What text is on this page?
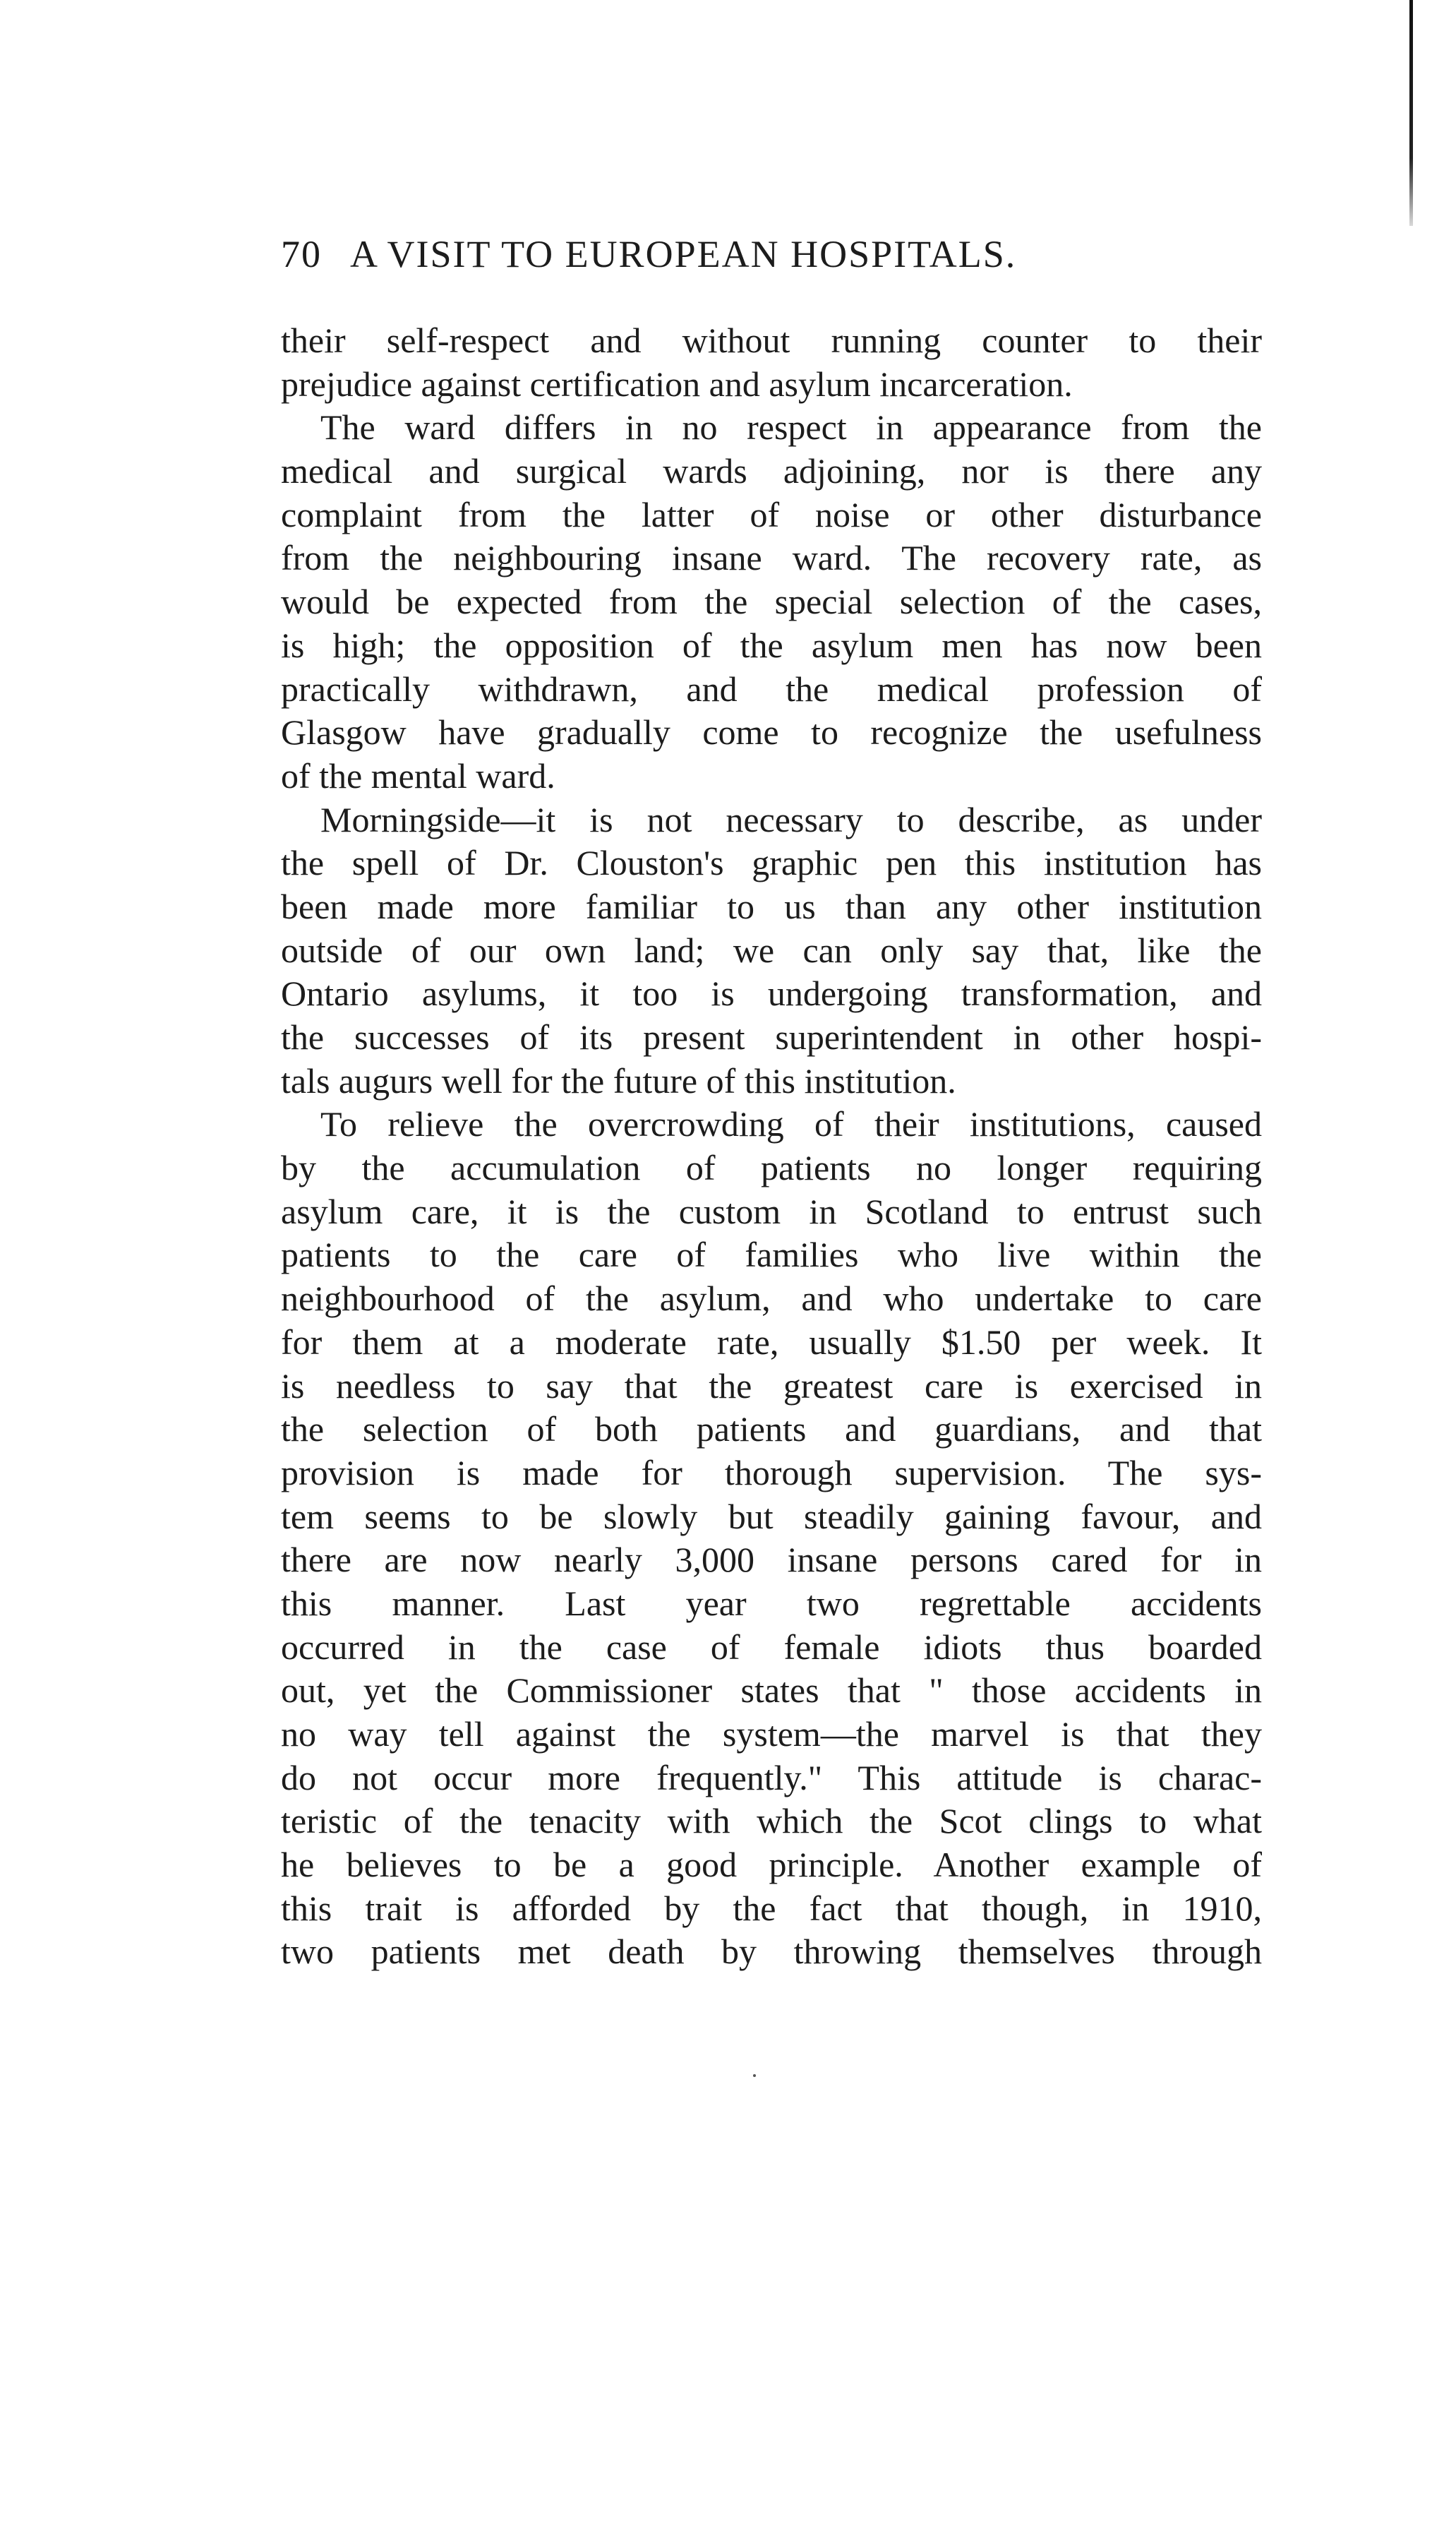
70 A VISIT TO EUROPEAN HOSPITALS.
their self-respect and without running counter to their
prejudice against certification and asylum incarceration.
The ward differs in no respect in appearance from the
medical and surgical wards adjoining, nor is there any
complaint from the latter of noise or other disturbance
from the neighbouring insane ward. The recovery rate, as
would be expected from the special selection of the cases,
is high; the opposition of the asylum men has now been
practically withdrawn, and the medical profession of
Glasgow have gradually come to recognize the usefulness
of the mental ward.
Morningside—it is not necessary to describe, as under
the spell of Dr. Clouston's graphic pen this institution has
been made more familiar to us than any other institution
outside of our own land; we can only say that, like the
Ontario asylums, it too is undergoing transformation, and
the successes of its present superintendent in other hospi-
tals augurs well for the future of this institution.
To relieve the overcrowding of their institutions, caused
by the accumulation of patients no longer requiring
asylum care, it is the custom in Scotland to entrust such
patients to the care of families who live within the
neighbourhood of the asylum, and who undertake to care
for them at a moderate rate, usually $1.50 per week. It
is needless to say that the greatest care is exercised in
the selection of both patients and guardians, and that
provision is made for thorough supervision. The sys-
tem seems to be slowly but steadily gaining favour, and
there are now nearly 3,000 insane persons cared for in
this manner. Last year two regrettable accidents
occurred in the case of female idiots thus boarded
out, yet the Commissioner states that " those accidents in
no way tell against the system—the marvel is that they
do not occur more frequently." This attitude is charac-
teristic of the tenacity with which the Scot clings to what
he believes to be a good principle. Another example of
this trait is afforded by the fact that though, in 1910,
two patients met death by throwing themselves through
